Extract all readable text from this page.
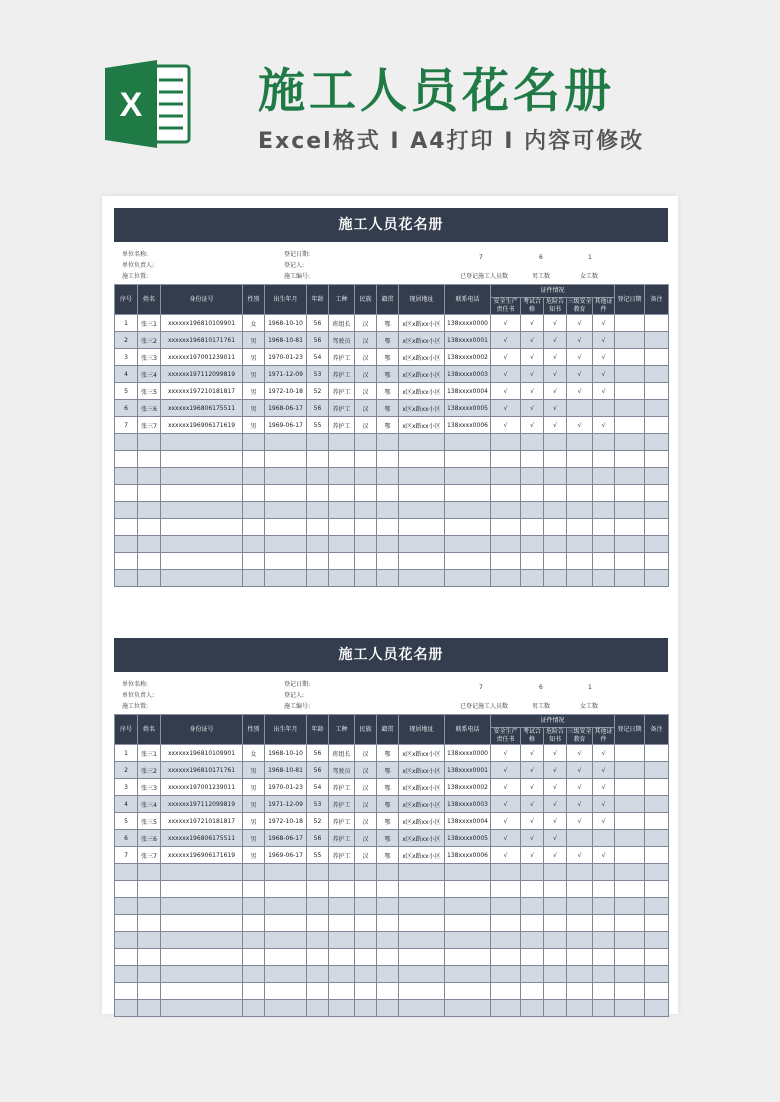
X 施工人员花名册
Excel格式 I A4打印 I 内容可修改
施工人员花名册
单位名称:	登记日期:	7	6	1
单位负责人:	登记人:
施工位置:	施工编号:	已登记施工人员数	男工数	女工数
序号	姓名	身份证号	性别	出生年月	年龄	工种	民族	籍贯	现居地址	联系电话	证件情况					登记日期	备注
											安全生产责任书	考试合格	危险告知书	三级安全教育	其他证件		
1	张三1	xxxxxx196810109901	女	1968-10-10	56	班组长	汉	鄂	x区x路xx小区	138xxxx0000	√	√	√	√	√		
2	张三2	xxxxxx196810171761	男	1968-10-81	56	驾驶员	汉	鄂	x区x路xx小区	138xxxx0001	√	√	√	√	√		
3	张三3	xxxxxx197001239011	男	1970-01-23	54	养护工	汉	鄂	x区x路xx小区	138xxxx0002	√	√	√	√	√		
4	张三4	xxxxxx197112099819	男	1971-12-09	53	养护工	汉	鄂	x区x路xx小区	138xxxx0003	√	√	√	√	√		
5	张三5	xxxxxx197210181817	男	1972-10-18	52	养护工	汉	鄂	x区x路xx小区	138xxxx0004	√	√	√	√	√		
6	张三6	xxxxxx196806175511	男	1968-06-17	56	养护工	汉	鄂	x区x路xx小区	138xxxx0005	√	√	√				
7	张三7	xxxxxx196906171619	男	1969-06-17	55	养护工	汉	鄂	x区x路xx小区	138xxxx0006	√	√	√	√	√		

施工人员花名册
单位名称:	登记日期:	7	6	1
单位负责人:	登记人:
施工位置:	施工编号:	已登记施工人员数	男工数	女工数
序号	姓名	身份证号	性别	出生年月	年龄	工种	民族	籍贯	现居地址	联系电话	证件情况					登记日期	备注
											安全生产责任书	考试合格	危险告知书	三级安全教育	其他证件		
1	张三1	xxxxxx196810109901	女	1968-10-10	56	班组长	汉	鄂	x区x路xx小区	138xxxx0000	√	√	√	√	√		
2	张三2	xxxxxx196810171761	男	1968-10-81	56	驾驶员	汉	鄂	x区x路xx小区	138xxxx0001	√	√	√	√	√		
3	张三3	xxxxxx197001239011	男	1970-01-23	54	养护工	汉	鄂	x区x路xx小区	138xxxx0002	√	√	√	√	√		
4	张三4	xxxxxx197112099819	男	1971-12-09	53	养护工	汉	鄂	x区x路xx小区	138xxxx0003	√	√	√	√	√		
5	张三5	xxxxxx197210181817	男	1972-10-18	52	养护工	汉	鄂	x区x路xx小区	138xxxx0004	√	√	√	√	√		
6	张三6	xxxxxx196806175511	男	1968-06-17	56	养护工	汉	鄂	x区x路xx小区	138xxxx0005	√	√	√				
7	张三7	xxxxxx196906171619	男	1969-06-17	55	养护工	汉	鄂	x区x路xx小区	138xxxx0006	√	√	√	√	√		
